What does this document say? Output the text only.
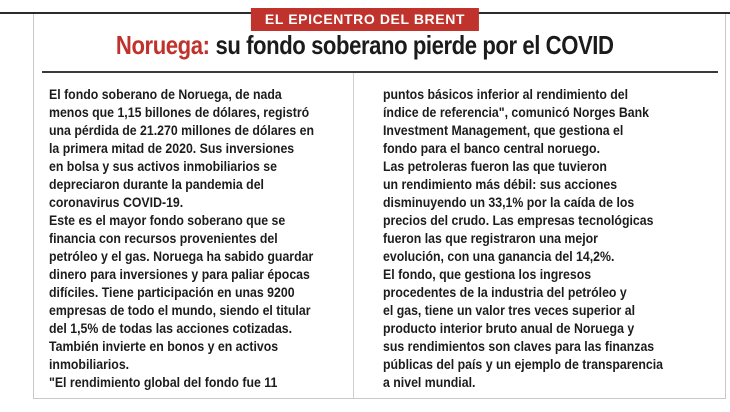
EL EPICENTRO DEL BRENT
Noruega: su fondo soberano pierde por el COVID
El fondo soberano de Noruega, de nada
menos que 1,15 billones de dólares, registró
una pérdida de 21.270 millones de dólares en
la primera mitad de 2020. Sus inversiones
en bolsa y sus activos inmobiliarios se
depreciaron durante la pandemia del
coronavirus COVID-19.
Este es el mayor fondo soberano que se
financia con recursos provenientes del
petróleo y el gas. Noruega ha sabido guardar
dinero para inversiones y para paliar épocas
difíciles. Tiene participación en unas 9200
empresas de todo el mundo, siendo el titular
del 1,5% de todas las acciones cotizadas.
También invierte en bonos y en activos
inmobiliarios.
"El rendimiento global del fondo fue 11
puntos básicos inferior al rendimiento del
índice de referencia", comunicó Norges Bank
Investment Management, que gestiona el
fondo para el banco central noruego.
Las petroleras fueron las que tuvieron
un rendimiento más débil: sus acciones
disminuyendo un 33,1% por la caída de los
precios del crudo. Las empresas tecnológicas
fueron las que registraron una mejor
evolución, con una ganancia del 14,2%.
El fondo, que gestiona los ingresos
procedentes de la industria del petróleo y
el gas, tiene un valor tres veces superior al
producto interior bruto anual de Noruega y
sus rendimientos son claves para las finanzas
públicas del país y un ejemplo de transparencia
a nivel mundial.
